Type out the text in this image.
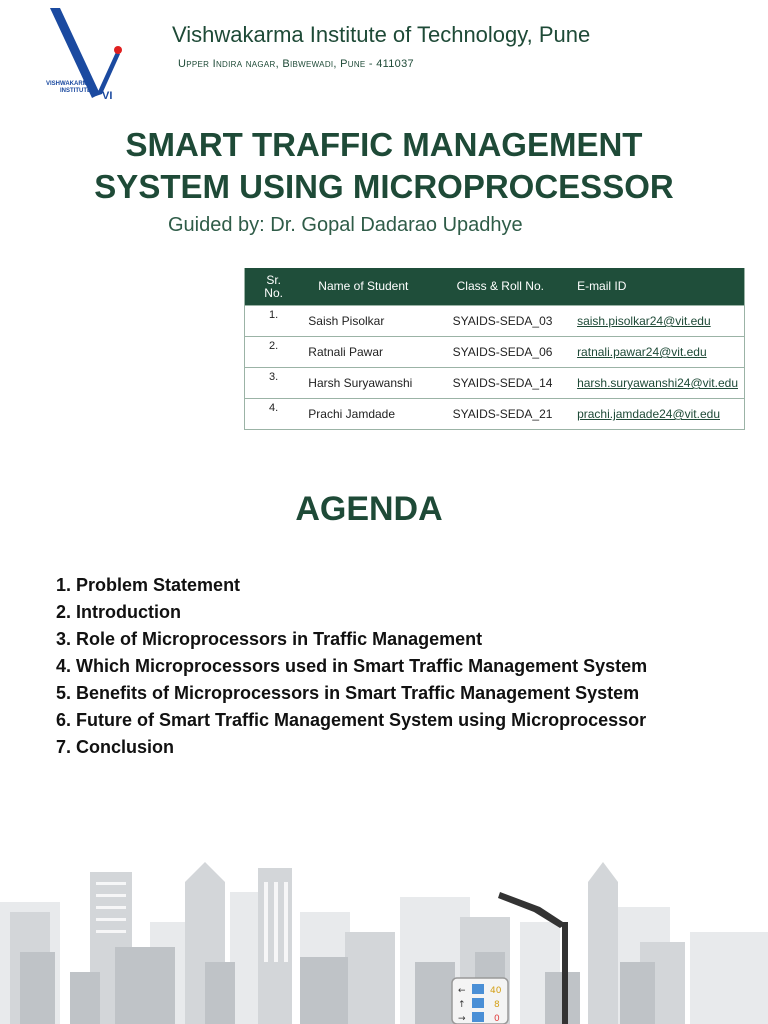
VISHWAKARMA
INSTITUTES VI
Vishwakarma Institute of Technology, Pune
Upper Indira nagar, Bibwewadi, Pune - 411037
SMART TRAFFIC MANAGEMENT
SYSTEM USING MICROPROCESSOR
Guided by: Dr. Gopal Dadarao Upadhye
Sr.
No.	Name of Student	Class & Roll No.	E-mail ID
1.	Saish Pisolkar	SYAIDS-SEDA_03	saish.pisolkar24@vit.edu
2.	Ratnali Pawar	SYAIDS-SEDA_06	ratnali.pawar24@vit.edu
3.	Harsh Suryawanshi	SYAIDS-SEDA_14	harsh.suryawanshi24@vit.edu
4.	Prachi Jamdade	SYAIDS-SEDA_21	prachi.jamdade24@vit.edu
AGENDA
1. Problem Statement
2. Introduction
3. Role of Microprocessors in Traffic Management
4. Which Microprocessors used in Smart Traffic Management System
5. Benefits of Microprocessors in Smart Traffic Management System
6. Future of Smart Traffic Management System using Microprocessor
7. Conclusion
←
↑
→
40
8
0
